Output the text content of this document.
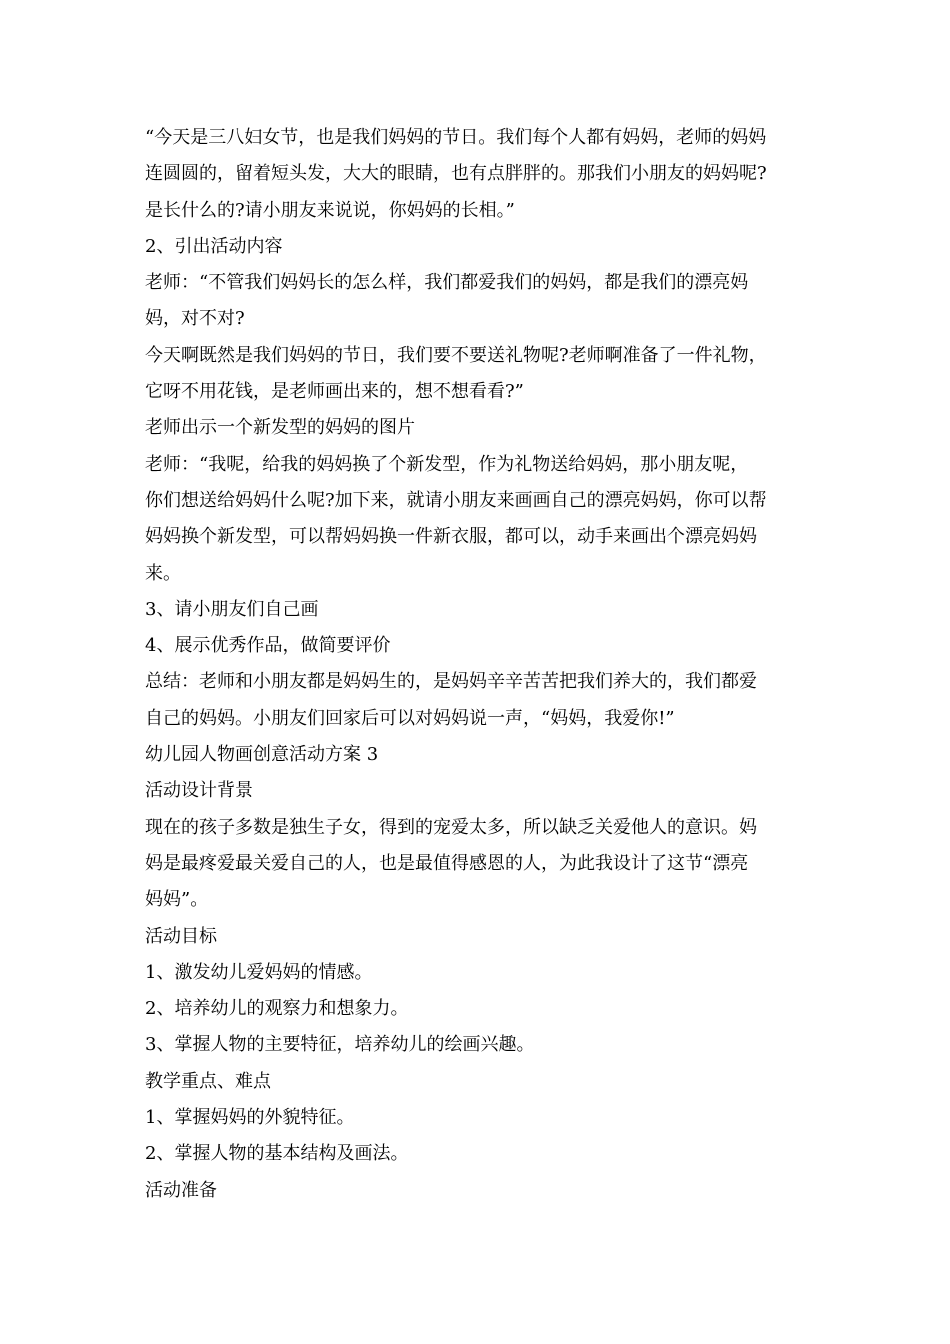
“今天是三八妇女节，也是我们妈妈的节日。我们每个人都有妈妈，老师的妈妈

连圆圆的，留着短头发，大大的眼睛，也有点胖胖的。那我们小朋友的妈妈呢?

是长什么的?请小朋友来说说，你妈妈的长相。”

2、引出活动内容

老师：“不管我们妈妈长的怎么样，我们都爱我们的妈妈，都是我们的漂亮妈

妈，对不对?

今天啊既然是我们妈妈的节日，我们要不要送礼物呢?老师啊准备了一件礼物，

它呀不用花钱，是老师画出来的，想不想看看?”

老师出示一个新发型的妈妈的图片

老师：“我呢，给我的妈妈换了个新发型，作为礼物送给妈妈，那小朋友呢，

你们想送给妈妈什么呢?加下来，就请小朋友来画画自己的漂亮妈妈，你可以帮

妈妈换个新发型，可以帮妈妈换一件新衣服，都可以，动手来画出个漂亮妈妈

来。

3、请小朋友们自己画

4、展示优秀作品，做简要评价

总结：老师和小朋友都是妈妈生的，是妈妈辛辛苦苦把我们养大的，我们都爱

自己的妈妈。小朋友们回家后可以对妈妈说一声，“妈妈，我爱你!”

幼儿园人物画创意活动方案 3

活动设计背景

现在的孩子多数是独生子女，得到的宠爱太多，所以缺乏关爱他人的意识。妈

妈是最疼爱最关爱自己的人，也是最值得感恩的人，为此我设计了这节“漂亮

妈妈”。

活动目标

1、激发幼儿爱妈妈的情感。

2、培养幼儿的观察力和想象力。

3、掌握人物的主要特征，培养幼儿的绘画兴趣。

教学重点、难点

1、掌握妈妈的外貌特征。

2、掌握人物的基本结构及画法。

活动准备
